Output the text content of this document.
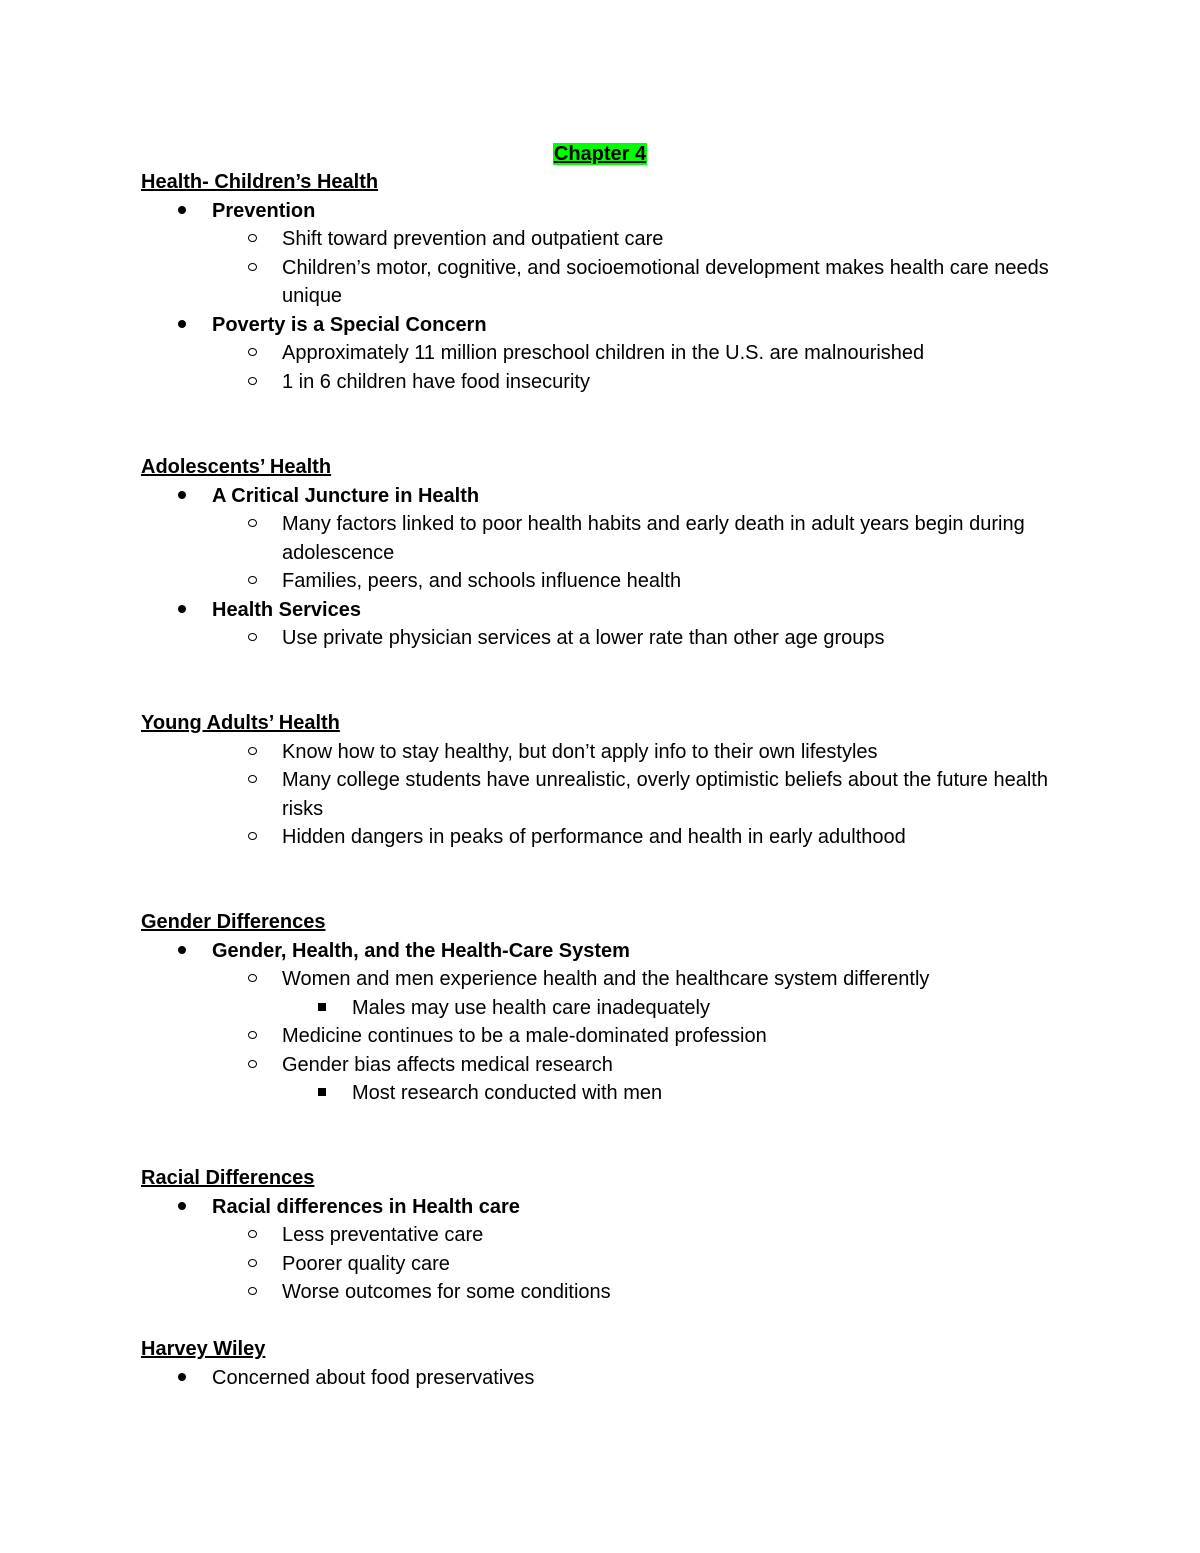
Chapter 4
Health- Children’s Health
Prevention
Shift toward prevention and outpatient care
Children’s motor, cognitive, and socioemotional development makes health care needs unique
Poverty is a Special Concern
Approximately 11 million preschool children in the U.S. are malnourished
1 in 6 children have food insecurity
Adolescents’ Health
A Critical Juncture in Health
Many factors linked to poor health habits and early death in adult years begin during adolescence
Families, peers, and schools influence health
Health Services
Use private physician services at a lower rate than other age groups
Young Adults’ Health
Know how to stay healthy, but don’t apply info to their own lifestyles
Many college students have unrealistic, overly optimistic beliefs about the future health risks
Hidden dangers in peaks of performance and health in early adulthood
Gender Differences
Gender, Health, and the Health-Care System
Women and men experience health and the healthcare system differently
Males may use health care inadequately
Medicine continues to be a male-dominated profession
Gender bias affects medical research
Most research conducted with men
Racial Differences
Racial differences in Health care
Less preventative care
Poorer quality care
Worse outcomes for some conditions
Harvey Wiley
Concerned about food preservatives
